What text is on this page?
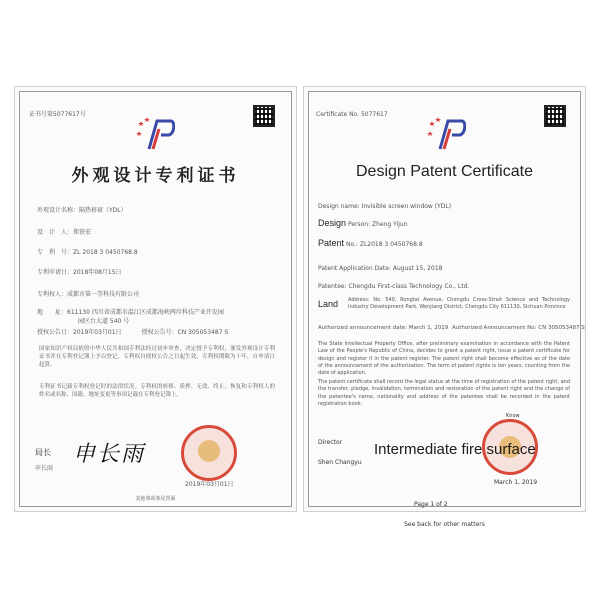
证书号第5077617号
外观设计专利证书
外观设计名称：隔热移窗（YDL）
设　计　人：郑铁宏
专　利　号：ZL 2018 3 0450768.8
专利申请日：2018年08月15日
专利权人：成都市第一等科技有限公司
地　　址：611130 四川省成都市温江区成都海峡两岸科技产业开发园
园区台大道 540 号
授权公告日：2019年03月01日	授权公告号：CN 305053487 S
国家知识产权局依照中华人民共和国专利法经过初步审查，决定授予专利权，颁发外观设计专利证书并在专利登记簿上予以登记。专利权自授权公告之日起生效。专利权期限为十年，自申请日起算。
专利证书记载专利权登记时的法律状况。专利权的转移、质押、无效、终止、恢复和专利权人的姓名或名称、国籍、地址变更等事项记载在专利登记簿上。
局长
申长雨
申长雨
2019年03月01日
其他事项参见背面
Certificate No. 5077617
Design Patent Certificate
Design name: Invisible screen window (YDL)
Design Person: Zheng Yijun
Patent No.: ZL2018 3 0450768.8
Patent Application Date: August 15, 2018
Patentee: Chengdu First-class Technology Co., Ltd.
Land Address: No. 540, Rongtai Avenue, Chengdu Cross-Strait Science and Technology Industry Development Park, Wenjiang District, Chengdu City 611130, Sichuan Province
Authorized announcement date: March 1, 2019 Authorized Announcement No: CN 305053487 S
The State Intellectual Property Office, after preliminary examination in accordance with the Patent Law of the People's Republic of China, decides to grant a patent right, issue a patent certificate for design and register it in the patent register. The patent right shall become effective as of the date of the announcement of the authorization. The term of patent rights is ten years, counting from the date of application.
The patent certificate shall record the legal status at the time of registration of the patent right, and the transfer, pledge, invalidation, termination and restoration of the patent right and the change of the patentee's name, nationality and address of the patentee shall be recorded in the patent registration book.
Director
Shen Changyu
Know
March 1, 2019
Page 1 of 2
See back for other matters
Intermediate fire surface
